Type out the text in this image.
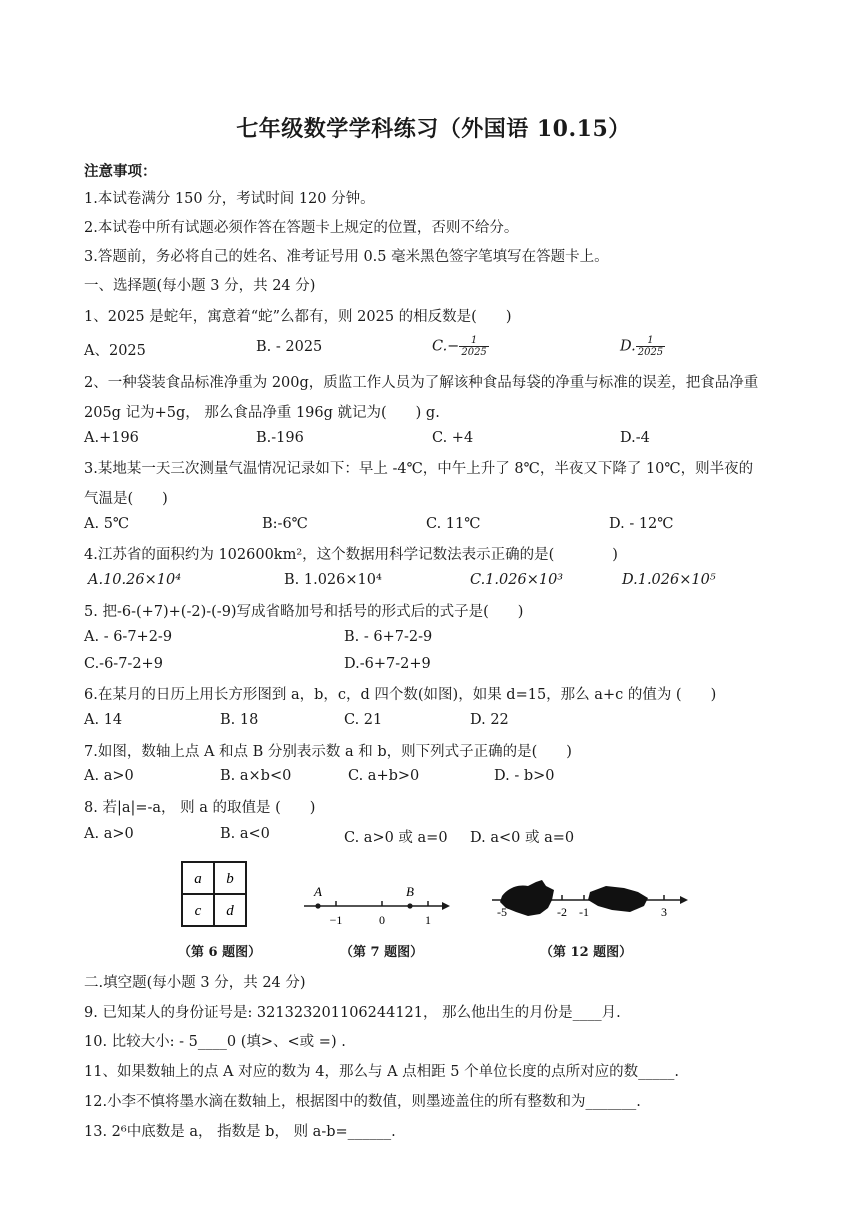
七年级数学学科练习（外国语 10.15）
注意事项：
1.本试卷满分 150 分，考试时间 120 分钟。
2.本试卷中所有试题必须作答在答题卡上规定的位置，否则不给分。
3.答题前，务必将自己的姓名、准考证号用 0.5 毫米黑色签字笔填写在答题卡上。
一、选择题(每小题 3 分，共 24 分)
1、2025 是蛇年，寓意着“蛇”么都有，则 2025 的相反数是(　　)
A、2025	B. - 2025	$C.- \frac{1}{2025}$	D. $\frac{1}{2025}$
2、一种袋装食品标准净重为 200g，质监工作人员为了解该种食品每袋的净重与标准的误差，把食品净重
205g 记为+5g， 那么食品净重 196g 就记为(　　) g.
A.+196	B.-196	C. +4	D.-4
3.某地某一天三次测量气温情况记录如下：早上 -4℃，中午上升了 8℃，半夜又下降了 10℃，则半夜的
气温是(　　)
A. 5℃	B:-6℃	C. 11℃	D. - 12℃
4.江苏省的面积约为 102600km²，这个数据用科学记数法表示正确的是(　　　　)
A.10.26×10⁴	B. 1.026×10⁴	C.1.026×10³	D.1.026×10⁵
5. 把-6-(+7)+(-2)-(-9)写成省略加号和括号的形式后的式子是(　　)
A. - 6-7+2-9	B. - 6+7-2-9
C.-6-7-2+9	D.-6+7-2+9
6.在某月的日历上用长方形图到 a，b，c，d 四个数(如图)，如果 d=15，那么 a+c 的值为 (　　)
A. 14	B. 18	C. 21	D. 22
7.如图，数轴上点 A 和点 B 分别表示数 a 和 b，则下列式子正确的是(　　)
A. a>0	B. a×b<0	C. a+b>0	D. - b>0
8. 若|a|=-a， 则 a 的取值是 (　　)
A. a>0	B. a<0	C. a>0 或 a=0 D. a<0 或 a=0
a b
c d
（第 6 题图）
A	B
−1	0	1
（第 7 题图）
-5	-2 -1	3
（第 12 题图）
二.填空题(每小题 3 分，共 24 分)
9. 已知某人的身份证号是: 321323201106244121， 那么他出生的月份是____月.
10. 比较大小: - 5____0 (填>、<或 =) .
11、如果数轴上的点 A 对应的数为 4，那么与 A 点相距 5 个单位长度的点所对应的数_____.
12.小李不慎将墨水滴在数轴上，根据图中的数值，则墨迹盖住的所有整数和为_______.
13. 2⁶中底数是 a， 指数是 b， 则 a-b=______.
